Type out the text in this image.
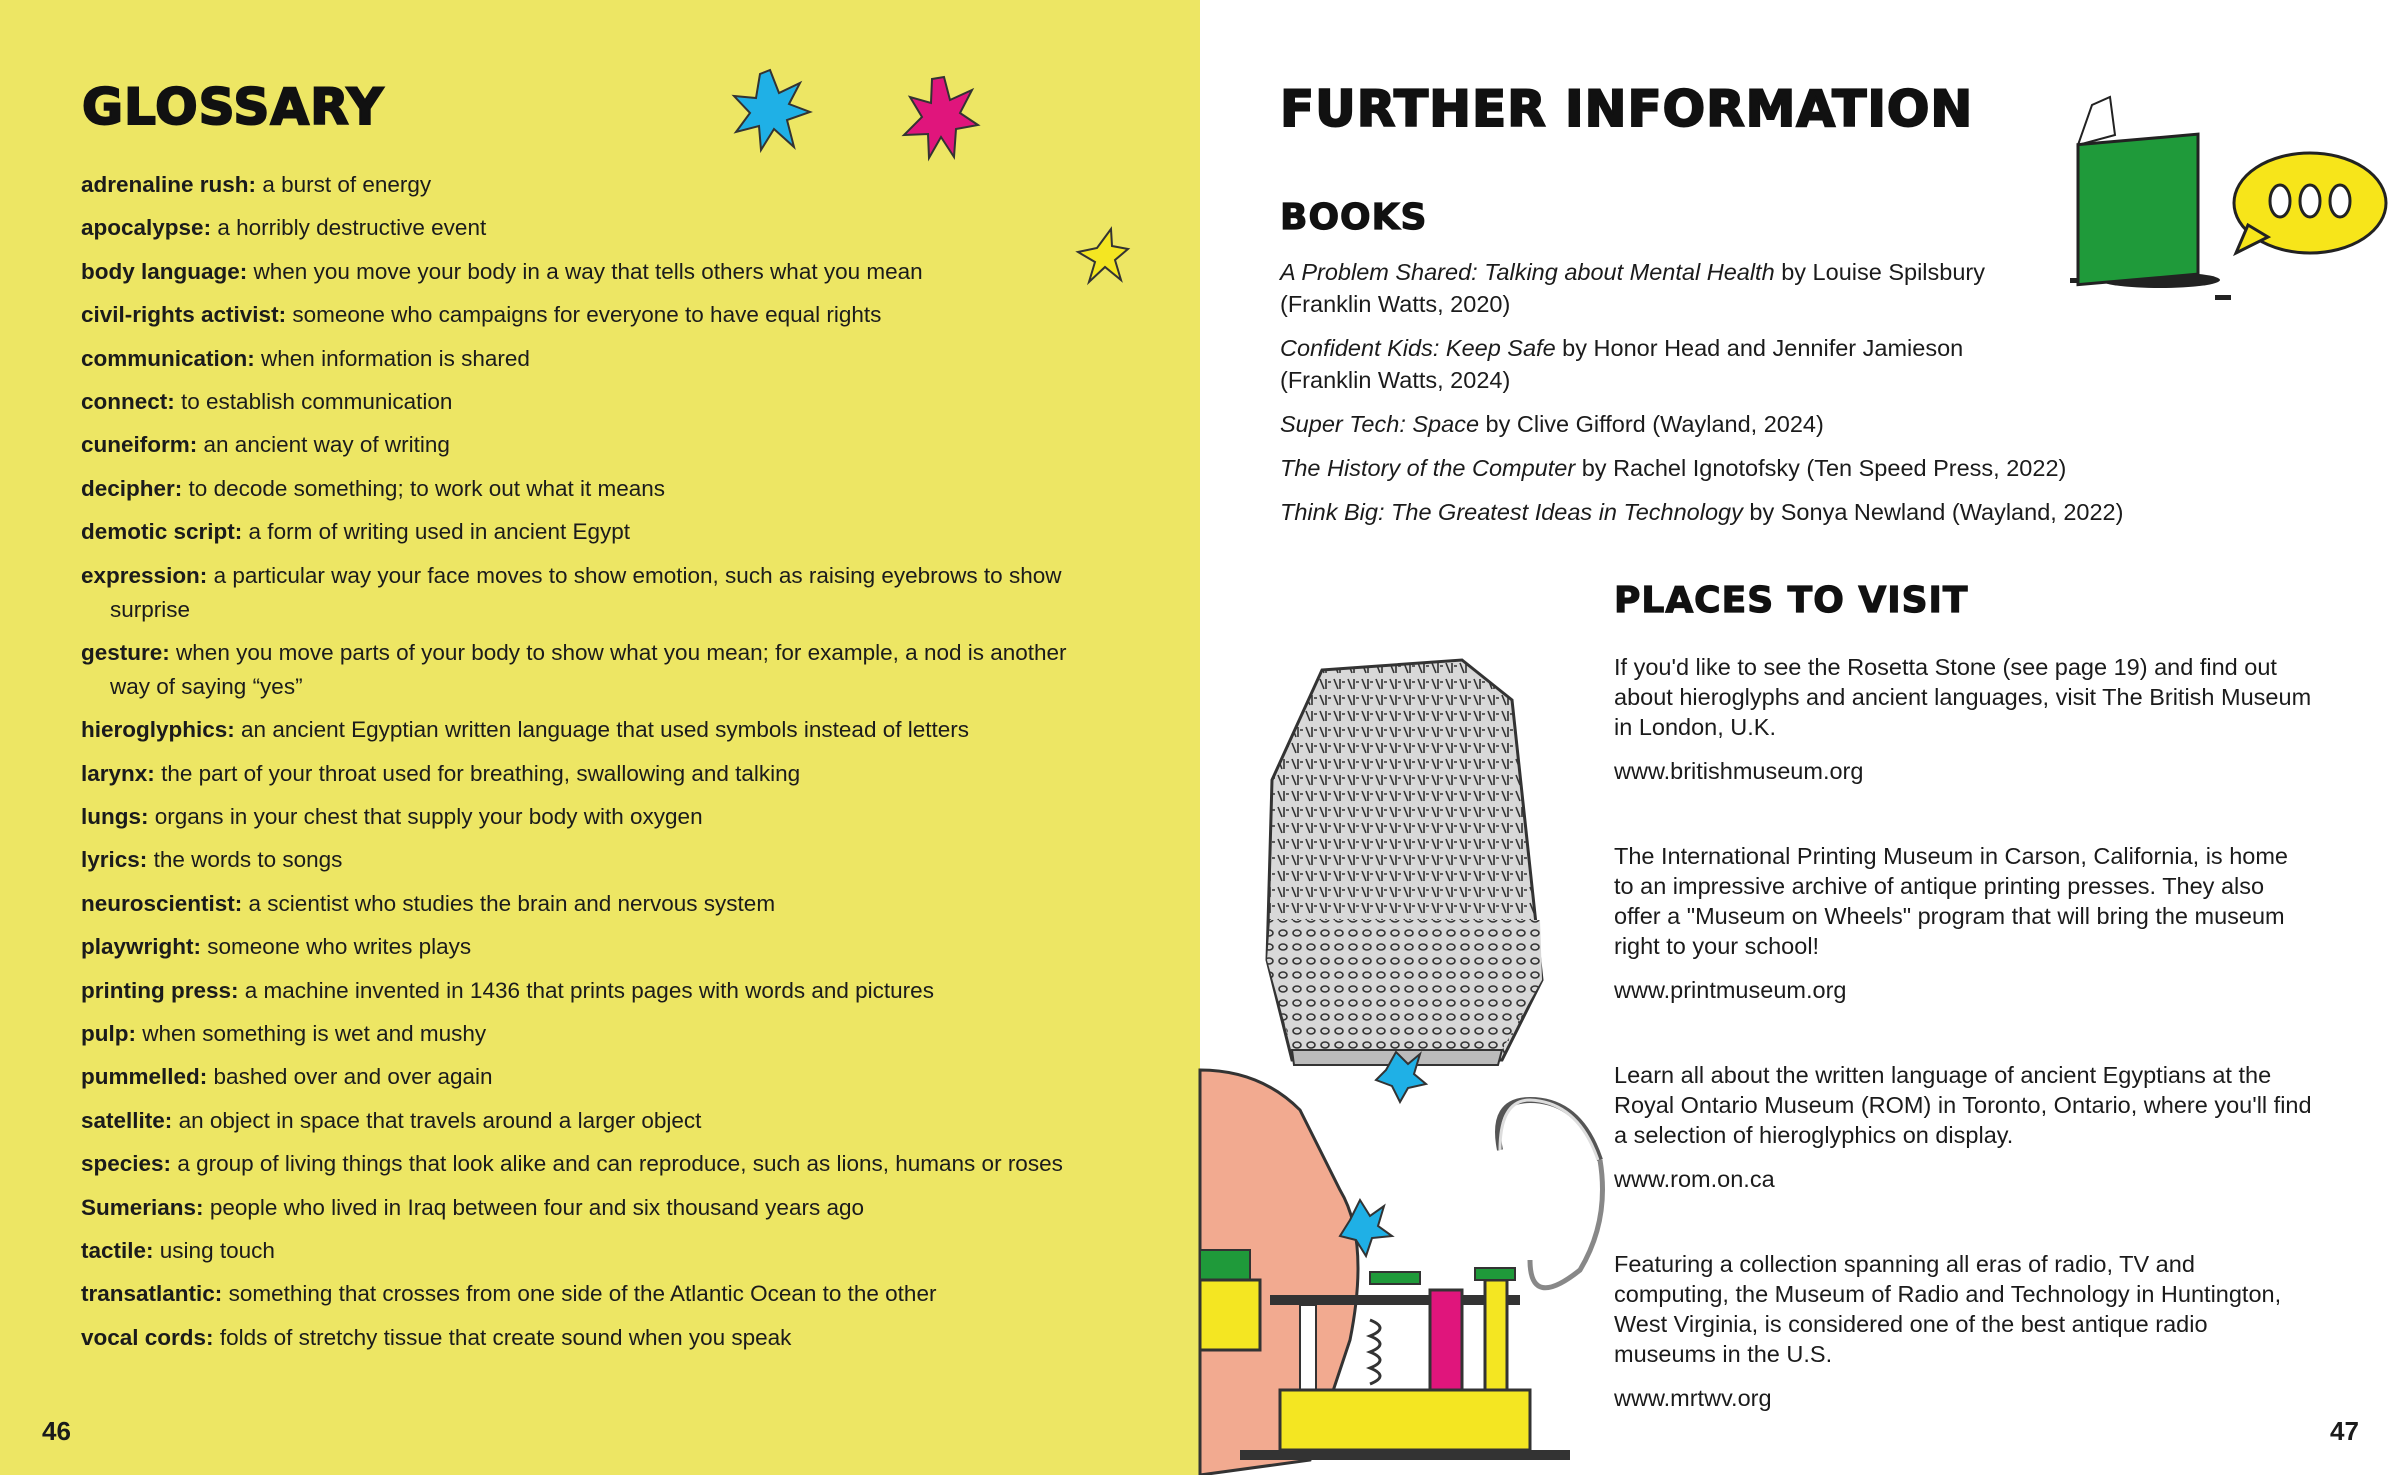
GLOSSARY
adrenaline rush: a burst of energy
apocalypse: a horribly destructive event
body language: when you move your body in a way that tells others what you mean
civil-rights activist: someone who campaigns for everyone to have equal rights
communication: when information is shared
connect: to establish communication
cuneiform: an ancient way of writing
decipher: to decode something; to work out what it means
demotic script: a form of writing used in ancient Egypt
expression: a particular way your face moves to show emotion, such as raising eyebrows to show surprise
gesture: when you move parts of your body to show what you mean; for example, a nod is another way of saying “yes”
hieroglyphics: an ancient Egyptian written language that used symbols instead of letters
larynx: the part of your throat used for breathing, swallowing and talking
lungs: organs in your chest that supply your body with oxygen
lyrics: the words to songs
neuroscientist: a scientist who studies the brain and nervous system
playwright: someone who writes plays
printing press: a machine invented in 1436 that prints pages with words and pictures
pulp: when something is wet and mushy
pummelled: bashed over and over again
satellite: an object in space that travels around a larger object
species: a group of living things that look alike and can reproduce, such as lions, humans or roses
Sumerians: people who lived in Iraq between four and six thousand years ago
tactile: using touch
transatlantic: something that crosses from one side of the Atlantic Ocean to the other
vocal cords: folds of stretchy tissue that create sound when you speak
46
FURTHER INFORMATION
BOOKS
A Problem Shared: Talking about Mental Health by Louise Spilsbury
(Franklin Watts, 2020)
Confident Kids: Keep Safe by Honor Head and Jennifer Jamieson
(Franklin Watts, 2024)
Super Tech: Space by Clive Gifford (Wayland, 2024)
The History of the Computer by Rachel Ignotofsky (Ten Speed Press, 2022)
Think Big: The Greatest Ideas in Technology by Sonya Newland (Wayland, 2022)
PLACES TO VISIT

If you'd like to see the Rosetta Stone (see page 19) and find out about hieroglyphs and ancient languages, visit The British Museum in London, U.K.

www.britishmuseum.org

The International Printing Museum in Carson, California, is home to an impressive archive of antique printing presses. They also offer a "Museum on Wheels" program that will bring the museum right to your school!

www.printmuseum.org

Learn all about the written language of ancient Egyptians at the Royal Ontario Museum (ROM) in Toronto, Ontario, where you'll find a selection of hieroglyphics on display.

www.rom.on.ca

Featuring a collection spanning all eras of radio, TV and computing, the Museum of Radio and Technology in Huntington, West Virginia, is considered one of the best antique radio museums in the U.S.

www.mrtwv.org

47
